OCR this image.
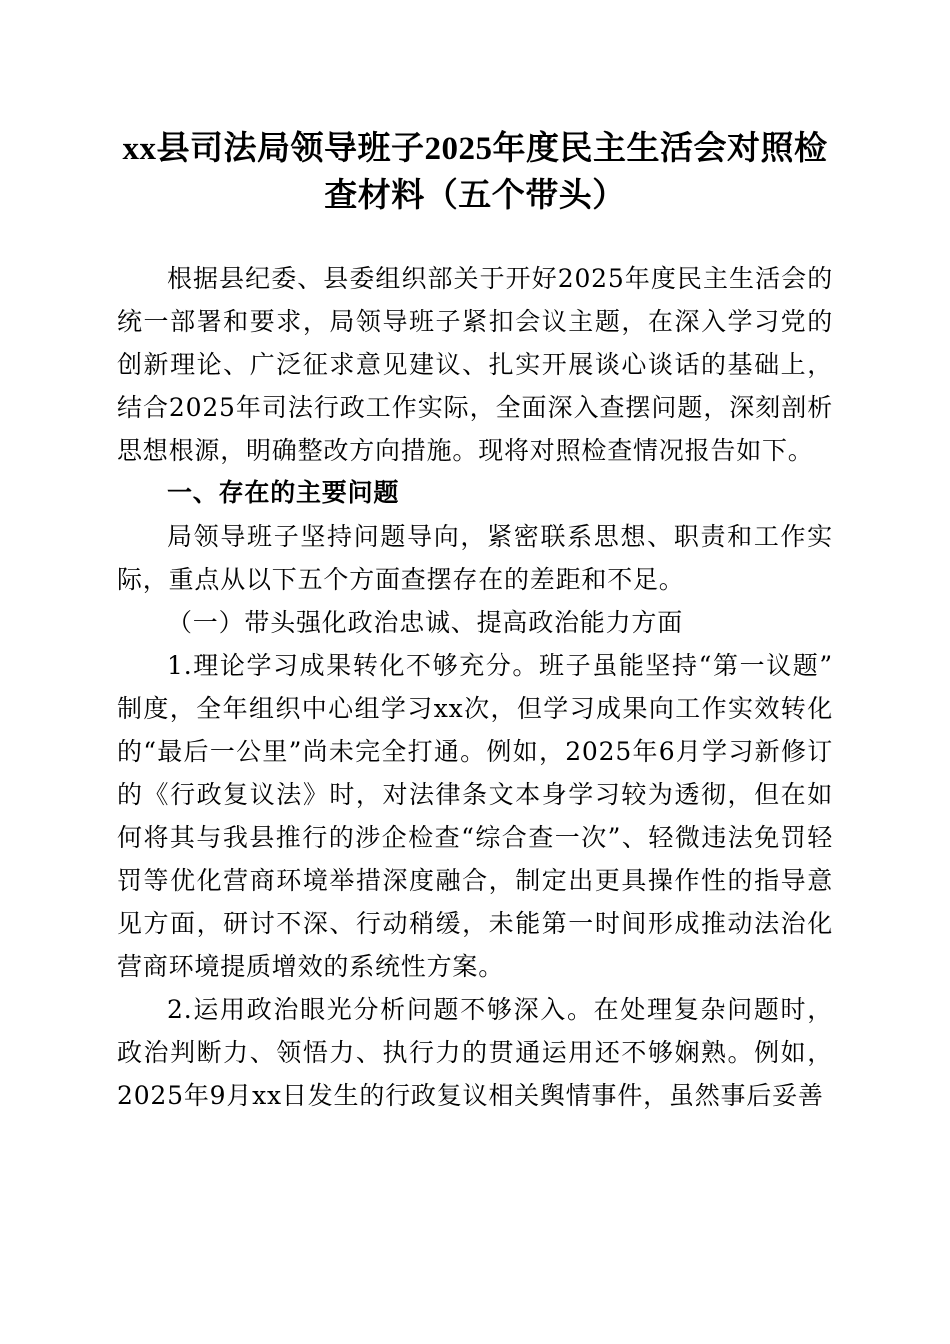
xx县司法局领导班子2025年度民主生活会对照检查材料（五个带头）

根据县纪委、县委组织部关于开好2025年度民主生活会的统一部署和要求，局领导班子紧扣会议主题，在深入学习党的创新理论、广泛征求意见建议、扎实开展谈心谈话的基础上，结合2025年司法行政工作实际，全面深入查摆问题，深刻剖析思想根源，明确整改方向措施。现将对照检查情况报告如下。

一、存在的主要问题

局领导班子坚持问题导向，紧密联系思想、职责和工作实际，重点从以下五个方面查摆存在的差距和不足。

（一）带头强化政治忠诚、提高政治能力方面

1.理论学习成果转化不够充分。班子虽能坚持“第一议题”制度，全年组织中心组学习xx次，但学习成果向工作实效转化的“最后一公里”尚未完全打通。例如，2025年6月学习新修订的《行政复议法》时，对法律条文本身学习较为透彻，但在如何将其与我县推行的涉企检查“综合查一次”、轻微违法免罚轻罚等优化营商环境举措深度融合，制定出更具操作性的指导意见方面，研讨不深、行动稍缓，未能第一时间形成推动法治化营商环境提质增效的系统性方案。

2.运用政治眼光分析问题不够深入。在处理复杂问题时，政治判断力、领悟力、执行力的贯通运用还不够娴熟。例如，2025年9月xx日发生的行政复议相关舆情事件，虽然事后妥善
